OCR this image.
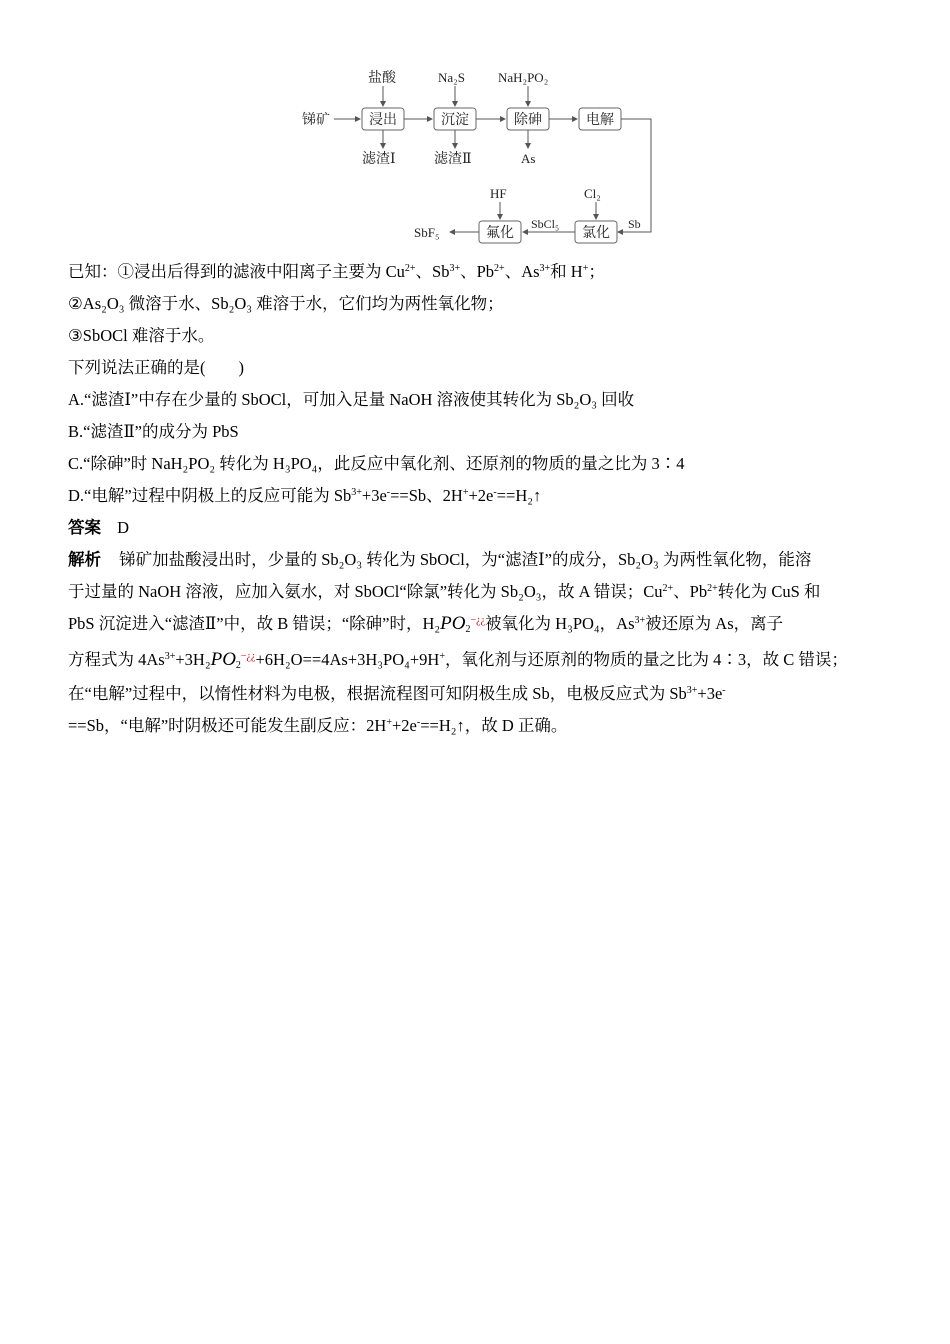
锑矿	浸出	沉淀	除砷	电解
盐酸	Na₂S	NaH₂PO₂
滤渣Ⅰ	滤渣Ⅱ	As
Sb
氯化
Cl₂
SbCl₅
氟化
HF
SbF₅
已知：①浸出后得到的滤液中阳离子主要为 $Cu^{2+}$、$Sb^{3+}$、$Pb^{2+}$、$As^{3+}$和 H+；
②As₂O₃ 微溶于水、Sb₂O₃ 难溶于水，它们均为两性氧化物；
③SbOCl 难溶于水。
下列说法正确的是(　　)
A.“滤渣Ⅰ”中存在少量的 SbOCl，可加入足量 NaOH 溶液使其转化为 Sb₂O₃ 回收
B.“滤渣Ⅱ”的成分为 PbS
C.“除砷”时 NaH₂PO₂ 转化为 H₃PO₄，此反应中氧化剂、还原剂的物质的量之比为 3∶4
D.“电解”过程中阴极上的反应可能为 $Sb^{3+}+3e^-==Sb$、2H++2e-==H₂↑
答案 D
解析 锑矿加盐酸浸出时，少量的 Sb₂O₃ 转化为 SbOCl，为“滤渣Ⅰ”的成分，Sb₂O₃ 为两性氧化物，能溶
于过量的 NaOH 溶液，应加入氨水，对 SbOCl“除氯”转化为 Sb₂O₃，故 A 错误；$Cu^{2+}$、$Pb^{2+}$转化为 CuS 和
PbS 沉淀进入“滤渣Ⅱ”中，故 B 错误；“除砷”时，$H_2PO_2^{-¿¿}$被氧化为 H₃PO₄，$As^{3+}$被还原为 As，离子
方程式为 $4As^{3+}+3H_2PO_2^{-¿¿}+6H_2O==4As+3H_3PO_4+9H^+$，氧化剂与还原剂的物质的量之比为 4∶3，故 C 错误；
在“电解”过程中，以惰性材料为电极，根据流程图可知阴极生成 Sb，电极反应式为 $Sb^{3+}+3e^-$
==Sb，“电解”时阴极还可能发生副反应：2H++2e-==H₂↑，故 D 正确。
